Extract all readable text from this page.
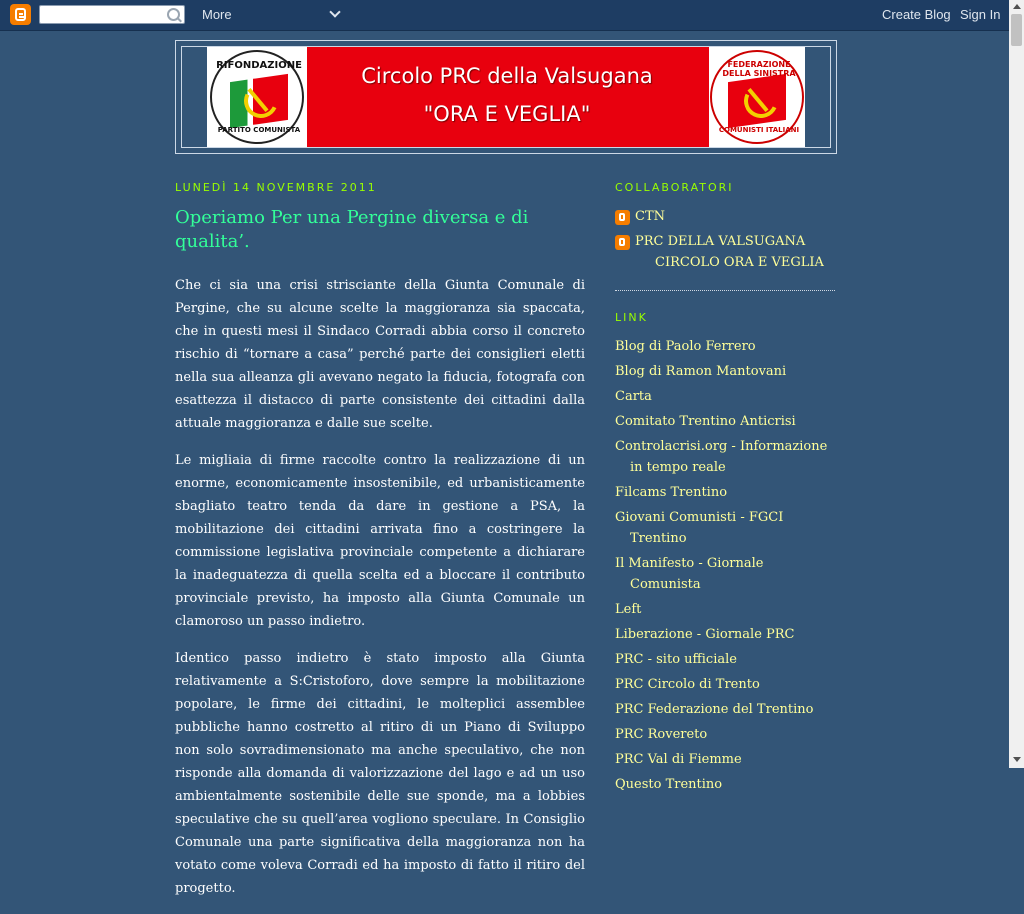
More	Create Blog Sign In
RIFONDAZIONE
PARTITO COMUNISTA
Circolo PRC della Valsugana
"ORA E VEGLIA"
FEDERAZIONE DELLA SINISTRA
COMUNISTI ITALIANI
LUNEDÌ 14 NOVEMBRE 2011
Operiamo Per una Pergine diversa e di qualita’.

Che ci sia una crisi strisciante della Giunta Comunale di Pergine, che su alcune scelte la maggioranza sia spaccata, che in questi mesi il Sindaco Corradi abbia corso il concreto rischio di “tornare a casa” perché parte dei consiglieri eletti nella sua alleanza gli avevano negato la fiducia, fotografa con esattezza il distacco di parte consistente dei cittadini dalla attuale maggioranza e dalle sue scelte.

Le migliaia di firme raccolte contro la realizzazione di un enorme, economicamente insostenibile, ed urbanisticamente sbagliato teatro tenda da dare in gestione a PSA, la mobilitazione dei cittadini arrivata fino a costringere la commissione legislativa provinciale competente a dichiarare la inadeguatezza di quella scelta ed a bloccare il contributo provinciale previsto, ha imposto alla Giunta Comunale un clamoroso un passo indietro.

Identico passo indietro è stato imposto alla Giunta relativamente a S:Cristoforo, dove sempre la mobilitazione popolare, le firme dei cittadini, le molteplici assemblee pubbliche hanno costretto al ritiro di un Piano di Sviluppo non solo sovradimensionato ma anche speculativo, che non risponde alla domanda di valorizzazione del lago e ad un uso ambientalmente sostenibile delle sue sponde, ma a lobbies speculative che su quell’area vogliono speculare. In Consiglio Comunale una parte significativa della maggioranza non ha votato come voleva Corradi ed ha imposto di fatto il ritiro del progetto.

COLLABORATORI
CTN
PRC DELLA VALSUGANA
CIRCOLO ORA E VEGLIA
LINK
Blog di Paolo Ferrero
Blog di Ramon Mantovani
Carta
Comitato Trentino Anticrisi
Controlacrisi.org - Informazione in tempo reale
Filcams Trentino
Giovani Comunisti - FGCI Trentino
Il Manifesto - Giornale Comunista
Left
Liberazione - Giornale PRC
PRC - sito ufficiale
PRC Circolo di Trento
PRC Federazione del Trentino
PRC Rovereto
PRC Val di Fiemme
Questo Trentino
